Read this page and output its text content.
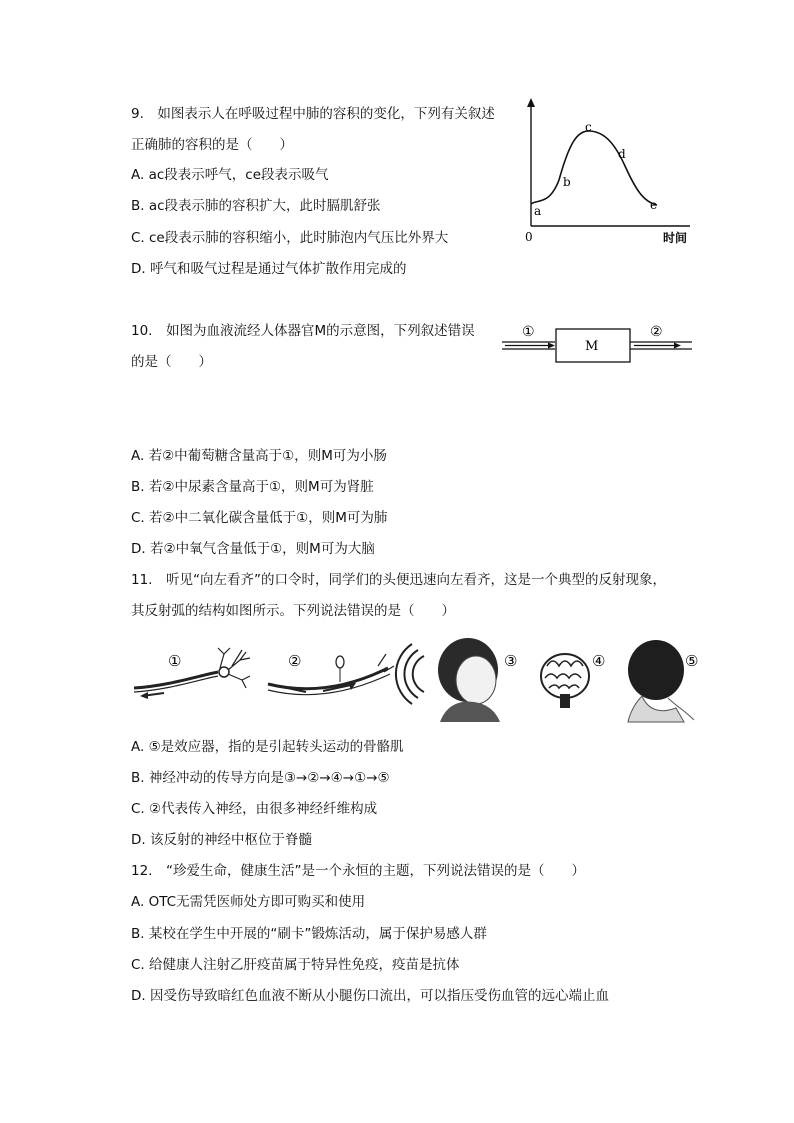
9.　如图表示人在呼吸过程中肺的容积的变化，下列有关叙述
正确肺的容积的是（　　）
A. ac段表示呼气，ce段表示吸气
B. ac段表示肺的容积扩大，此时膈肌舒张
C. ce段表示肺的容积缩小，此时肺泡内气压比外界大
D. 呼气和吸气过程是通过气体扩散作用完成的
a
b
c
d
e
0	时间
10.　如图为血液流经人体器官M的示意图，下列叙述错误
的是（　　）
M
①	②
A. 若②中葡萄糖含量高于①，则M可为小肠
B. 若②中尿素含量高于①，则M可为肾脏
C. 若②中二氧化碳含量低于①，则M可为肺
D. 若②中氧气含量低于①，则M可为大脑
11.　听见“向左看齐”的口令时，同学们的头便迅速向左看齐，这是一个典型的反射现象，
其反射弧的结构如图所示。下列说法错误的是（　　）
①	②	③	④	⑤
A. ⑤是效应器，指的是引起转头运动的骨骼肌
B. 神经冲动的传导方向是③→②→④→①→⑤
C. ②代表传入神经，由很多神经纤维构成
D. 该反射的神经中枢位于脊髓
12.　“珍爱生命，健康生活”是一个永恒的主题，下列说法错误的是（　　）
A. OTC无需凭医师处方即可购买和使用
B. 某校在学生中开展的“刷卡”锻炼活动，属于保护易感人群
C. 给健康人注射乙肝疫苗属于特异性免疫，疫苗是抗体
D. 因受伤导致暗红色血液不断从小腿伤口流出，可以指压受伤血管的远心端止血
